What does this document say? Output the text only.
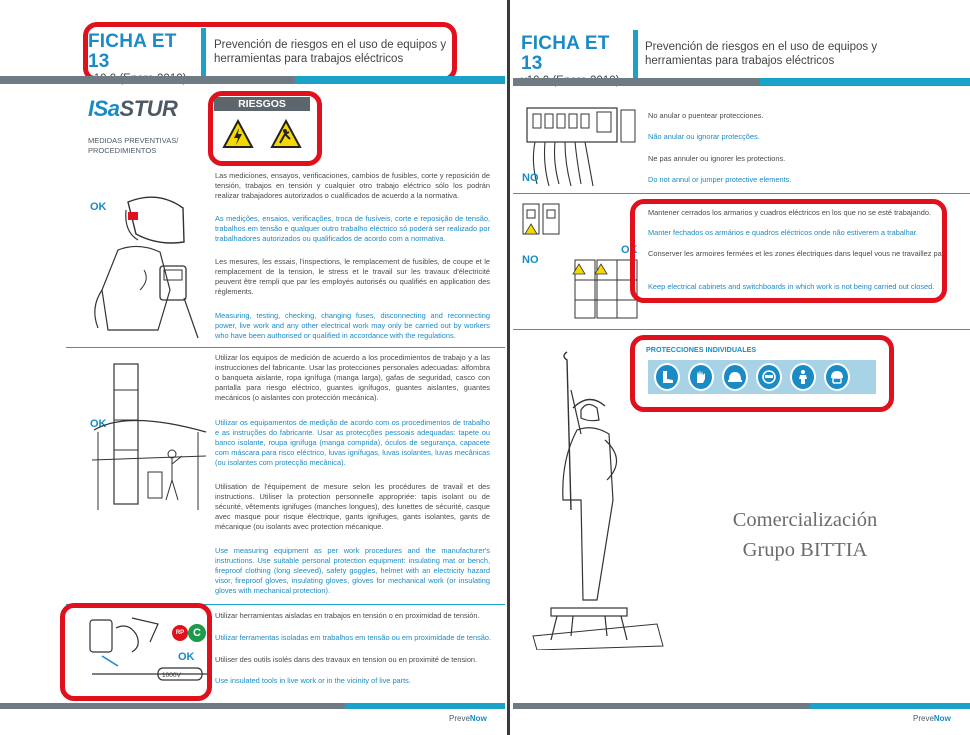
FICHA ET 13
Prevención de riesgos en el uso de equipos y herramientas para trabajos eléctricos
ISaSTUR
MEDIDAS PREVENTIVAS/ PROCEDIMIENTOS
RIESGOS
OK
Las mediciones, ensayos, verificaciones, cambios de fusibles, corte y reposición de tensión, trabajos en tensión y cualquier otro trabajo eléctrico sólo los podrán realizar trabajadores autorizados o cualificados de acuerdo a la normativa.
As medições, ensaios, verificações, troca de fusíveis, corte e reposição de tensão, trabalhos em tensão e qualquer outro trabalho eléctrico só poderá ser realizado por trabalhadores autorizados ou qualificados de acordo com a normativa.
Les mesures, les essais, l'inspections, le remplacement de fusibles, de coupe et le remplacement de la tension, le stress et le travail sur les travaux d'électricité peuvent être rempli que par les employés autorisés ou qualifiés en application des règlements.
Measuring, testing, checking, changing fuses, disconnecting and reconnecting power, live work and any other electrical work may only be carried out by workers who have been authorised or qualified in accordance with the regulations.
OK
Utilizar los equipos de medición de acuerdo a los procedimientos de trabajo y a las instrucciones del fabricante. Usar las protecciones personales adecuadas: alfombra o banqueta aislante, ropa ignífuga (manga larga), gafas de seguridad, casco con pantalla para riesgo eléctrico, guantes ignífugos, guantes aislantes, guantes mecánicos (o aislantes con protección mecánica).
Utilizar os equipamentos de medição de acordo com os procedimentos de trabalho e as instruções do fabricante. Usar as protecções pessoais adequadas: tapete ou banco isolante, roupa ignífuga (manga comprida), óculos de segurança, capacete com máscara para risco eléctrico, luvas ignífugas, luvas isolantes, luvas mecânicas (ou isolantes com protecção mecânica).
Utilisation de l'équipement de mesure selon les procédures de travail et des instructions. Utiliser la protection personnelle appropriée: tapis isolant ou de sécurité, vêtements ignifuges (manches longues), des lunettes de sécurité, casque avec masque pour risque électrique, gants ignifuges, gants isolantes, gants de mécanique (ou isolants avec protection mécanique.
Use measuring equipment as per work procedures and the manufacturer's instructions. Use suitable personal protection equipment: insulating mat or bench, fireproof clothing (long sleeved), safety goggles, helmet with an electricity hazard visor, fireproof gloves, insulating gloves, gloves for mechanical work (or insulating gloves with mechanical protection).
1000V
RP C
OK
Utilizar herramientas aisladas en trabajos en tensión o en proximidad de tensión.
Utilizar ferramentas isoladas em trabalhos em tensão ou em proximidade de tensão.
Utiliser des outils isolés dans des travaux en tension ou en proximité de tension.
Use insulated tools in live work or in the vicinity of live parts.
PreveNow
FICHA ET 13
Prevención de riesgos en el uso de equipos y herramientas para trabajos eléctricos
NO
No anular o puentear protecciones.
Não anular ou ignorar protecções.
Ne pas annuler ou ignorer les protections.
Do not annul or jumper protective elements.
NO
OK
Mantener cerrados los armarios y cuadros eléctricos en los que no se esté trabajando.
Manter fechados os armários e quadros eléctricos onde não estiverem a trabalhar.
Conserver les armoires fermées et les zones électriques dans lequel vous ne travaillez pas.
Keep electrical cabinets and switchboards in which work is not being carried out closed.
PreveNow
PROTECCIONES INDIVIDUALES
Comercialización
Grupo BITTIA
